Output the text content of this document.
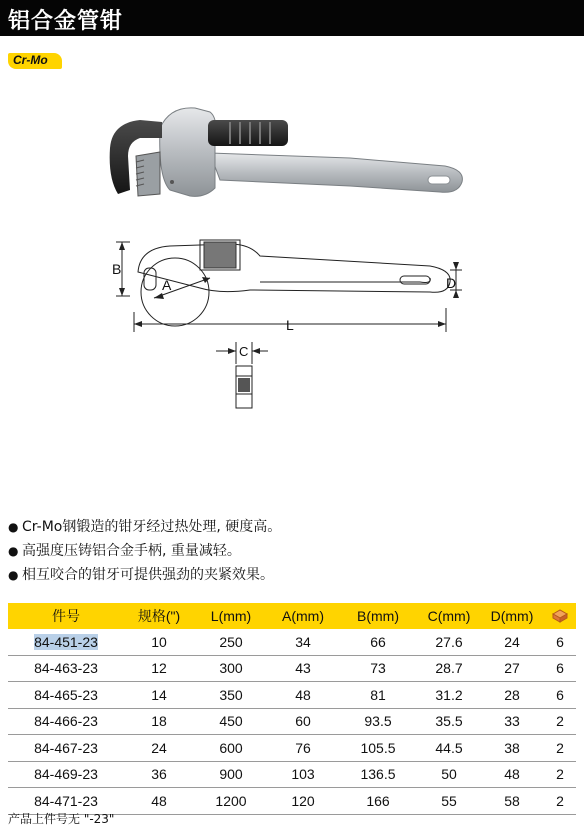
铝合金管钳
Cr-Mo
B
A	D
L
C
● Cr-Mo钢锻造的钳牙经过热处理, 硬度高。
● 高强度压铸铝合金手柄, 重量减轻。
● 相互咬合的钳牙可提供强劲的夹紧效果。
件号	规格(")	L(mm)	A(mm)	B(mm)	C(mm)	D(mm)	
84-451-23	10	250	34	66	27.6	24	6
84-463-23	12	300	43	73	28.7	27	6
84-465-23	14	350	48	81	31.2	28	6
84-466-23	18	450	60	93.5	35.5	33	2
84-467-23	24	600	76	105.5	44.5	38	2
84-469-23	36	900	103	136.5	50	48	2
84-471-23	48	1200	120	166	55	58	2
产品上件号无 "-23"
